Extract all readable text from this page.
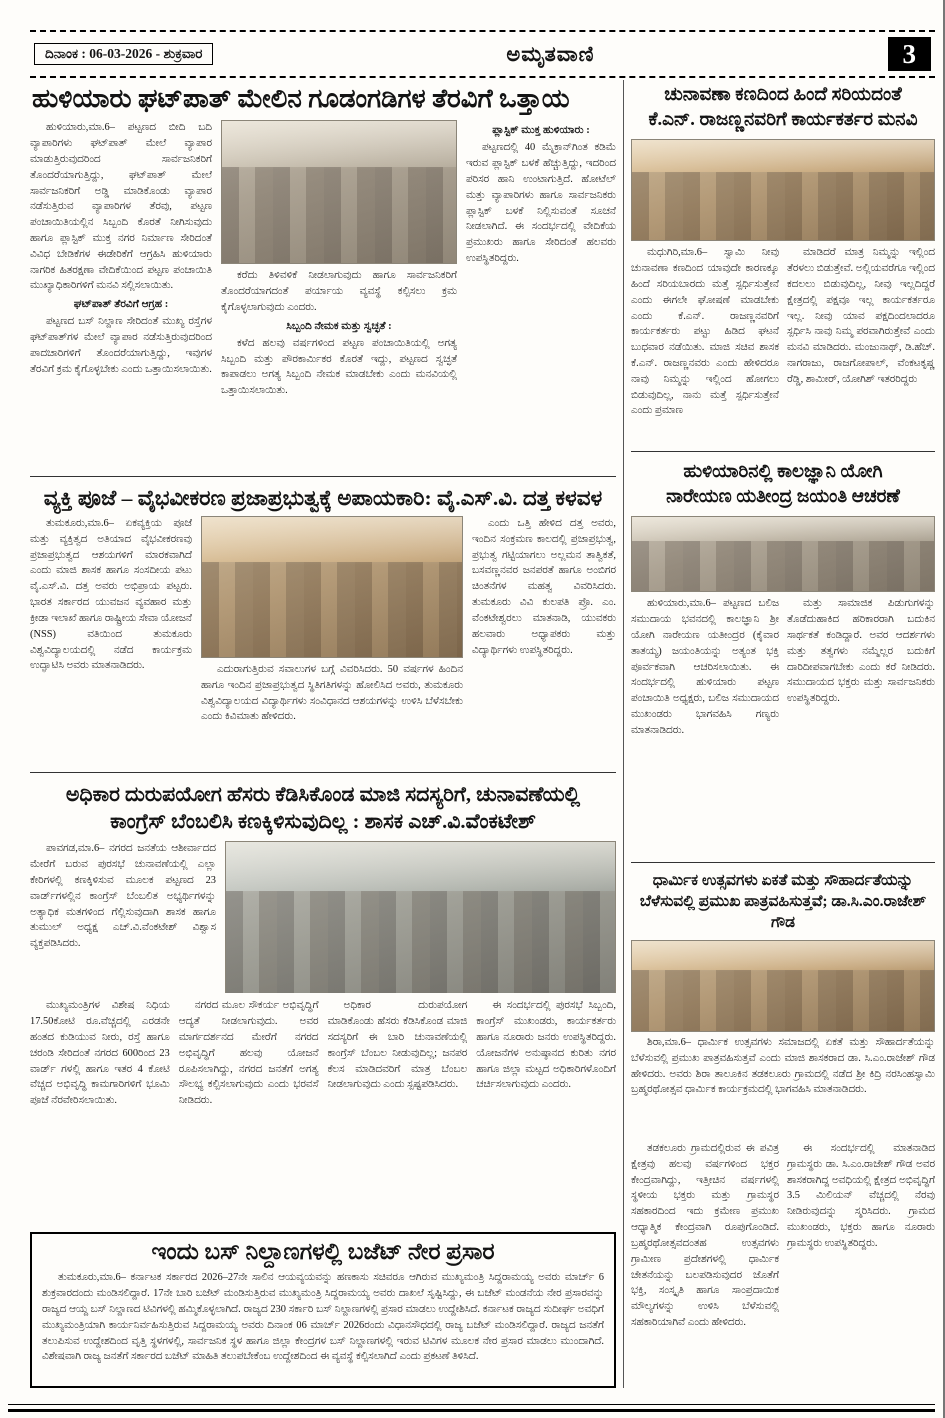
ದಿನಾಂಕ : 06-03-2026 - ಶುಕ್ರವಾರ	ಅಮೃತವಾಣಿ	3
ಹುಳಿಯಾರು ಘಟ್‌ಪಾತ್ ಮೇಲಿನ ಗೂಡಂಗಡಿಗಳ ತೆರವಿಗೆ ಒತ್ತಾಯ

ಹುಳಿಯಾರು,ಮಾ.6– ಪಟ್ಟಣದ ಬೀದಿ ಬದಿ ವ್ಯಾಪಾರಿಗಳು ಘಟ್‌ಪಾತ್ ಮೇಲೆ ವ್ಯಾಪಾರ ಮಾಡುತ್ತಿರುವುದರಿಂದ ಸಾರ್ವಜನಿಕರಿಗೆ ತೊಂದರೆಯಾಗುತ್ತಿದ್ದು, ಘಟ್‌ಪಾತ್ ಮೇಲೆ ಸಾರ್ವಜನಿಕರಿಗೆ ಅಡ್ಡಿ ಮಾಡಿಕೊಂಡು ವ್ಯಾಪಾರ ನಡೆಸುತ್ತಿರುವ ವ್ಯಾಪಾರಿಗಳ ತೆರವು, ಪಟ್ಟಣ ಪಂಚಾಯಿತಿಯಲ್ಲಿನ ಸಿಬ್ಬಂದಿ ಕೊರತೆ ನೀಗಿಸುವುದು ಹಾಗೂ ಪ್ಲಾಸ್ಟಿಕ್ ಮುಕ್ತ ನಗರ ನಿರ್ಮಾಣ ಸೇರಿದಂತೆ ವಿವಿಧ ಬೇಡಿಕೆಗಳ ಈಡೇರಿಕೆಗೆ ಆಗ್ರಹಿಸಿ ಹುಳಿಯಾರು ನಾಗರಿಕ ಹಿತರಕ್ಷಣಾ ವೇದಿಕೆಯಿಂದ ಪಟ್ಟಣ ಪಂಚಾಯಿತಿ ಮುಖ್ಯಾಧಿಕಾರಿಗಳಿಗೆ ಮನವಿ ಸಲ್ಲಿಸಲಾಯಿತು.

ಘಟ್‌ಪಾತ್ ತೆರವಿಗೆ ಆಗ್ರಹ :

ಪಟ್ಟಣದ ಬಸ್ ನಿಲ್ದಾಣ ಸೇರಿದಂತೆ ಮುಖ್ಯ ರಸ್ತೆಗಳ ಘಟ್‌ಪಾತ್‌ಗಳ ಮೇಲೆ ವ್ಯಾಪಾರ ನಡೆಸುತ್ತಿರುವುದರಿಂದ ಪಾದಚಾರಿಗಳಿಗೆ ತೊಂದರೆಯಾಗುತ್ತಿದ್ದು, ಇವುಗಳ ತೆರವಿಗೆ ಕ್ರಮ ಕೈಗೊಳ್ಳಬೇಕು ಎಂದು ಒತ್ತಾಯಿಸಲಾಯಿತು.

ಕರೆದು ತಿಳಿವಳಿಕೆ ನೀಡಲಾಗುವುದು ಹಾಗೂ ಸಾರ್ವಜನಿಕರಿಗೆ ತೊಂದರೆಯಾಗದಂತೆ ಪರ್ಯಾಯ ವ್ಯವಸ್ಥೆ ಕಲ್ಪಿಸಲು ಕ್ರಮ ಕೈಗೊಳ್ಳಲಾಗುವುದು ಎಂದರು.

ಸಿಬ್ಬಂದಿ ನೇಮಕ ಮತ್ತು ಸ್ವಚ್ಛತೆ :

ಕಳೆದ ಹಲವು ವರ್ಷಗಳಿಂದ ಪಟ್ಟಣ ಪಂಚಾಯಿತಿಯಲ್ಲಿ ಅಗತ್ಯ ಸಿಬ್ಬಂದಿ ಮತ್ತು ಪೌರಕಾರ್ಮಿಕರ ಕೊರತೆ ಇದ್ದು, ಪಟ್ಟಣದ ಸ್ವಚ್ಛತೆ ಕಾಪಾಡಲು ಅಗತ್ಯ ಸಿಬ್ಬಂದಿ ನೇಮಕ ಮಾಡಬೇಕು ಎಂದು ಮನವಿಯಲ್ಲಿ ಒತ್ತಾಯಿಸಲಾಯಿತು.

ಪ್ಲಾಸ್ಟಿಕ್ ಮುಕ್ತ ಹುಳಿಯಾರು :

ಪಟ್ಟಣದಲ್ಲಿ 40 ಮೈಕ್ರಾನ್‌ಗಿಂತ ಕಡಿಮೆ ಇರುವ ಪ್ಲಾಸ್ಟಿಕ್ ಬಳಕೆ ಹೆಚ್ಚುತ್ತಿದ್ದು, ಇದರಿಂದ ಪರಿಸರ ಹಾನಿ ಉಂಟಾಗುತ್ತಿದೆ. ಹೋಟೆಲ್ ಮತ್ತು ವ್ಯಾಪಾರಿಗಳು ಹಾಗೂ ಸಾರ್ವಜನಿಕರು ಪ್ಲಾಸ್ಟಿಕ್ ಬಳಕೆ ನಿಲ್ಲಿಸುವಂತೆ ಸೂಚನೆ ನೀಡಲಾಗಿದೆ. ಈ ಸಂದರ್ಭದಲ್ಲಿ ವೇದಿಕೆಯ ಪ್ರಮುಖರು ಹಾಗೂ ಸೇರಿದಂತೆ ಹಲವರು ಉಪಸ್ಥಿತರಿದ್ದರು.

ವ್ಯಕ್ತಿ ಪೂಜೆ – ವೈಭವೀಕರಣ ಪ್ರಜಾಪ್ರಭುತ್ವಕ್ಕೆ ಅಪಾಯಕಾರಿ: ವೈ.ಎಸ್.ವಿ. ದತ್ತ ಕಳವಳ

ತುಮಕೂರು,ಮಾ.6– ಏಕವ್ಯಕ್ತಿಯ ಪೂಜೆ ಮತ್ತು ವ್ಯಕ್ತಿತ್ವದ ಅತಿಯಾದ ವೈಭವೀಕರಣವು ಪ್ರಜಾಪ್ರಭುತ್ವದ ಆಶಯಗಳಿಗೆ ಮಾರಕವಾಗಿದೆ ಎಂದು ಮಾಜಿ ಶಾಸಕ ಹಾಗೂ ಸಂಸದೀಯ ಪಟು ವೈ.ಎಸ್.ವಿ. ದತ್ತ ಅವರು ಅಭಿಪ್ರಾಯ ಪಟ್ಟರು. ಭಾರತ ಸರ್ಕಾರದ ಯುವಜನ ವ್ಯವಹಾರ ಮತ್ತು ಕ್ರೀಡಾ ಇಲಾಖೆ ಹಾಗೂ ರಾಷ್ಟ್ರೀಯ ಸೇವಾ ಯೋಜನೆ (NSS) ವತಿಯಿಂದ ತುಮಕೂರು ವಿಶ್ವವಿದ್ಯಾಲಯದಲ್ಲಿ ನಡೆದ ಕಾರ್ಯಕ್ರಮ ಉದ್ಘಾಟಿಸಿ ಅವರು ಮಾತನಾಡಿದರು.	ಎದುರಾಗುತ್ತಿರುವ ಸವಾಲುಗಳ ಬಗ್ಗೆ ವಿವರಿಸಿದರು. 50 ವರ್ಷಗಳ ಹಿಂದಿನ ಹಾಗೂ ಇಂದಿನ ಪ್ರಜಾಪ್ರಭುತ್ವದ ಸ್ಥಿತಿಗತಿಗಳನ್ನು ಹೋಲಿಸಿದ ಅವರು, ತುಮಕೂರು ವಿಶ್ವವಿದ್ಯಾಲಯದ ವಿದ್ಯಾರ್ಥಿಗಳು ಸಂವಿಧಾನದ ಆಶಯಗಳನ್ನು ಉಳಿಸಿ ಬೆಳೆಸಬೇಕು ಎಂದು ಕಿವಿಮಾತು ಹೇಳಿದರು.

ಎಂದು ಒತ್ತಿ ಹೇಳಿದ ದತ್ತ ಅವರು, ಇಂದಿನ ಸಂಕ್ರಮಣ ಕಾಲದಲ್ಲಿ ಪ್ರಜಾಪ್ರಭುತ್ವ, ಪ್ರಭುತ್ವ ಗಟ್ಟಿಯಾಗಲು ಅಲ್ಲಮನ ತಾತ್ವಿಕತೆ, ಬಸವಣ್ಣನವರ ಜನಪರತೆ ಹಾಗೂ ಅಂಬಿಗರ ಚಿಂತನೆಗಳ ಮಹತ್ವ ವಿವರಿಸಿದರು. ತುಮಕೂರು ವಿವಿ ಕುಲಪತಿ ಪ್ರೊ. ಎಂ. ವೆಂಕಟೇಶ್ವರಲು ಮಾತನಾಡಿ, ಯುವಕರು ಹಲವಾರು ಅಧ್ಯಾಪಕರು ಮತ್ತು ವಿದ್ಯಾರ್ಥಿಗಳು ಉಪಸ್ಥಿತರಿದ್ದರು.

ಅಧಿಕಾರ ದುರುಪಯೋಗ ಹೆಸರು ಕೆಡಿಸಿಕೊಂಡ ಮಾಜಿ ಸದಸ್ಯರಿಗೆ, ಚುನಾವಣೆಯಲ್ಲಿ
ಕಾಂಗ್ರೆಸ್ ಬೆಂಬಲಿಸಿ ಕಣಕ್ಕಿಳಿಸುವುದಿಲ್ಲ : ಶಾಸಕ ಎಚ್.ವಿ.ವೆಂಕಟೇಶ್

ಪಾವಗಡ,ಮಾ.6– ನಗರದ ಜನತೆಯ ಆಶೀರ್ವಾದದ ಮೇರೆಗೆ ಬರುವ ಪುರಸಭೆ ಚುನಾವಣೆಯಲ್ಲಿ ಎಲ್ಲಾ ಕೇರಿಗಳಲ್ಲಿ ಕಣಕ್ಕಿಳಿಸುವ ಮೂಲಕ ಪಟ್ಟಣದ 23 ವಾರ್ಡ್‌ಗಳಲ್ಲಿನ ಕಾಂಗ್ರೆಸ್ ಬೆಂಬಲಿತ ಅಭ್ಯರ್ಥಿಗಳನ್ನು ಅತ್ಯಾಧಿಕ ಮತಗಳಿಂದ ಗೆಲ್ಲಿಸುವುದಾಗಿ ಶಾಸಕ ಹಾಗೂ ತುಮುಲ್ ಅಧ್ಯಕ್ಷ ಎಚ್.ವಿ.ವೆಂಕಟೇಶ್ ವಿಶ್ವಾಸ ವ್ಯಕ್ತಪಡಿಸಿದರು.

ಮುಖ್ಯಮಂತ್ರಿಗಳ ವಿಶೇಷ ನಿಧಿಯ 17.50ಕೋಟಿ ರೂ.ವೆಚ್ಚದಲ್ಲಿ ಎರಡನೇ ಹಂತದ ಕುಡಿಯುವ ನೀರು, ರಸ್ತೆ ಹಾಗೂ ಚರಂಡಿ ಸೇರಿದಂತೆ ನಗರದ 600ರಿಂದ 23 ವಾರ್ಡ್ ಗಳಲ್ಲಿ ಹಾಗೂ ಇತರ 4 ಕೋಟಿ ವೆಚ್ಚದ ಅಭಿವೃದ್ಧಿ ಕಾಮಗಾರಿಗಳಿಗೆ ಭೂಮಿ ಪೂಜೆ ನೆರವೇರಿಸಲಾಯಿತು.

ನಗರದ ಮೂಲ ಸೌಕರ್ಯ ಅಭಿವೃದ್ಧಿಗೆ ಆದ್ಯತೆ ನೀಡಲಾಗುವುದು. ಅವರ ಮಾರ್ಗದರ್ಶನದ ಮೇರೆಗೆ ನಗರದ ಅಭಿವೃದ್ಧಿಗೆ ಹಲವು ಯೋಜನೆ ರೂಪಿಸಲಾಗಿದ್ದು, ನಗರದ ಜನತೆಗೆ ಅಗತ್ಯ ಸೌಲಭ್ಯ ಕಲ್ಪಿಸಲಾಗುವುದು ಎಂದು ಭರವಸೆ ನೀಡಿದರು.

ಅಧಿಕಾರ ದುರುಪಯೋಗ ಮಾಡಿಕೊಂಡು ಹೆಸರು ಕೆಡಿಸಿಕೊಂಡ ಮಾಜಿ ಸದಸ್ಯರಿಗೆ ಈ ಬಾರಿ ಚುನಾವಣೆಯಲ್ಲಿ ಕಾಂಗ್ರೆಸ್ ಬೆಂಬಲ ನೀಡುವುದಿಲ್ಲ; ಜನಪರ ಕೆಲಸ ಮಾಡಿದವರಿಗೆ ಮಾತ್ರ ಬೆಂಬಲ ನೀಡಲಾಗುವುದು ಎಂದು ಸ್ಪಷ್ಟಪಡಿಸಿದರು.

ಈ ಸಂದರ್ಭದಲ್ಲಿ ಪುರಸಭೆ ಸಿಬ್ಬಂದಿ, ಕಾಂಗ್ರೆಸ್ ಮುಖಂಡರು, ಕಾರ್ಯಕರ್ತರು ಹಾಗೂ ನೂರಾರು ಜನರು ಉಪಸ್ಥಿತರಿದ್ದರು. ಯೋಜನೆಗಳ ಅನುಷ್ಠಾನದ ಕುರಿತು ನಗರ ಹಾಗೂ ಜಿಲ್ಲಾ ಮಟ್ಟದ ಅಧಿಕಾರಿಗಳೊಂದಿಗೆ ಚರ್ಚಿಸಲಾಗುವುದು ಎಂದರು.

ಇಂದು ಬಸ್ ನಿಲ್ದಾಣಗಳಲ್ಲಿ ಬಜೆಟ್ ನೇರ ಪ್ರಸಾರ

ತುಮಕೂರು,ಮಾ.6– ಕರ್ನಾಟಕ ಸರ್ಕಾರದ 2026–27ನೇ ಸಾಲಿನ ಆಯವ್ಯಯವನ್ನು ಹಣಕಾಸು ಸಚಿವರೂ ಆಗಿರುವ ಮುಖ್ಯಮಂತ್ರಿ ಸಿದ್ದರಾಮಯ್ಯ ಅವರು ಮಾರ್ಚ್ 6 ಶುಕ್ರವಾರದಂದು ಮಂಡಿಸಲಿದ್ದಾರೆ. 17ನೇ ಬಾರಿ ಬಜೆಟ್ ಮಂಡಿಸುತ್ತಿರುವ ಮುಖ್ಯಮಂತ್ರಿ ಸಿದ್ದರಾಮಯ್ಯ ಅವರು ದಾಖಲೆ ಸೃಷ್ಟಿಸಿದ್ದು, ಈ ಬಜೆಟ್ ಮಂಡನೆಯ ನೇರ ಪ್ರಸಾರವನ್ನು ರಾಜ್ಯದ ಆಯ್ದ ಬಸ್ ನಿಲ್ದಾಣದ ಟಿವಿಗಳಲ್ಲಿ ಹಮ್ಮಿಕೊಳ್ಳಲಾಗಿದೆ. ರಾಜ್ಯದ 230 ಸರ್ಕಾರಿ ಬಸ್ ನಿಲ್ದಾಣಗಳಲ್ಲಿ ಪ್ರಸಾರ ಮಾಡಲು ಉದ್ದೇಶಿಸಿದೆ. ಕರ್ನಾಟಕ ರಾಜ್ಯದ ಸುದೀರ್ಘ ಅವಧಿಗೆ ಮುಖ್ಯಮಂತ್ರಿಯಾಗಿ ಕಾರ್ಯನಿರ್ವಹಿಸುತ್ತಿರುವ ಸಿದ್ದರಾಮಯ್ಯ ಅವರು ದಿನಾಂಕ 06 ಮಾರ್ಚ್ 2026ರಂದು ವಿಧಾನಸೌಧದಲ್ಲಿ ರಾಜ್ಯ ಬಜೆಟ್ ಮಂಡಿಸಲಿದ್ದಾರೆ. ರಾಜ್ಯದ ಜನತೆಗೆ ತಲುಪಿಸುವ ಉದ್ದೇಶದಿಂದ ವೃತ್ತಿ ಸ್ಥಳಗಳಲ್ಲಿ, ಸಾರ್ವಜನಿಕ ಸ್ಥಳ ಹಾಗೂ ಜಿಲ್ಲಾ ಕೇಂದ್ರಗಳ ಬಸ್ ನಿಲ್ದಾಣಗಳಲ್ಲಿ ಇರುವ ಟಿವಿಗಳ ಮೂಲಕ ನೇರ ಪ್ರಸಾರ ಮಾಡಲು ಮುಂದಾಗಿದೆ. ವಿಶೇಷವಾಗಿ ರಾಜ್ಯ ಜನತೆಗೆ ಸರ್ಕಾರದ ಬಜೆಟ್ ಮಾಹಿತಿ ತಲುಪಬೇಕೆಂಬ ಉದ್ದೇಶದಿಂದ ಈ ವ್ಯವಸ್ಥೆ ಕಲ್ಪಿಸಲಾಗಿದೆ ಎಂದು ಪ್ರಕಟಣೆ ತಿಳಿಸಿದೆ.

ಚುನಾವಣಾ ಕಣದಿಂದ ಹಿಂದೆ ಸರಿಯದಂತೆ
ಕೆ.ಎನ್. ರಾಜಣ್ಣನವರಿಗೆ ಕಾರ್ಯಕರ್ತರ ಮನವಿ

ಮಧುಗಿರಿ,ಮಾ.6– ಸ್ವಾಮಿ ನೀವು ಚುನಾವಣಾ ಕಣದಿಂದ ಯಾವುದೇ ಕಾರಣಕ್ಕೂ ಹಿಂದೆ ಸರಿಯಬಾರದು ಮತ್ತೆ ಸ್ಪರ್ಧಿಸುತ್ತೇನೆ ಎಂದು ಈಗಲೇ ಘೋಷಣೆ ಮಾಡಬೇಕು ಎಂದು ಕೆ.ಎನ್. ರಾಜಣ್ಣನವರಿಗೆ ಕಾರ್ಯಕರ್ತರು ಪಟ್ಟು ಹಿಡಿದ ಘಟನೆ ಬುಧವಾರ ನಡೆಯಿತು. ಮಾಜಿ ಸಚಿವ ಶಾಸಕ ಕೆ.ಎನ್. ರಾಜಣ್ಣನವರು ಎಂದು ಹೇಳಿದರೂ ನಾವು ನಿಮ್ಮನ್ನು ಇಲ್ಲಿಂದ ಹೋಗಲು ಬಿಡುವುದಿಲ್ಲ, ನಾನು ಮತ್ತೆ ಸ್ಪರ್ಧಿಸುತ್ತೇನೆ ಎಂದು ಪ್ರಮಾಣ

ಮಾಡಿದರೆ ಮಾತ್ರ ನಿಮ್ಮನ್ನು ಇಲ್ಲಿಂದ ತೆರಳಲು ಬಿಡುತ್ತೇವೆ. ಅಲ್ಲಿಯವರೆಗೂ ಇಲ್ಲಿಂದ ಕದಲಲು ಬಿಡುವುದಿಲ್ಲ, ನೀವು ಇಲ್ಲದಿದ್ದರೆ ಕ್ಷೇತ್ರದಲ್ಲಿ ಪಕ್ಷವೂ ಇಲ್ಲ ಕಾರ್ಯಕರ್ತರೂ ಇಲ್ಲ. ನೀವು ಯಾವ ಪಕ್ಷದಿಂದಲಾದರೂ ಸ್ಪರ್ಧಿಸಿ ನಾವು ನಿಮ್ಮ ಪರವಾಗಿರುತ್ತೇವೆ ಎಂದು ಮನವಿ ಮಾಡಿದರು. ಮಂಜುನಾಥ್, ಡಿ.ಹೆಚ್. ನಾಗರಾಜು, ರಾಜಗೋಪಾಲ್, ವೆಂಕಟಕೃಷ್ಣ ರೆಡ್ಡಿ, ಶಾಮೀರ್, ಯೋಗಿಶ್ ಇತರರಿದ್ದರು

ಹುಳಿಯಾರಿನಲ್ಲಿ ಕಾಲಜ್ಞಾನಿ ಯೋಗಿ
ನಾರೇಯಣ ಯತೀಂದ್ರ ಜಯಂತಿ ಆಚರಣೆ

ಹುಳಿಯಾರು,ಮಾ.6– ಪಟ್ಟಣದ ಬಲಿಜ ಸಮುದಾಯ ಭವನದಲ್ಲಿ ಕಾಲಜ್ಞಾನಿ ಶ್ರೀ ಯೋಗಿ ನಾರೇಯಣ ಯತೀಂದ್ರರ (ಕೈವಾರ ತಾತಯ್ಯ) ಜಯಂತಿಯನ್ನು ಅತ್ಯಂತ ಭಕ್ತಿ ಪೂರ್ವಕವಾಗಿ ಆಚರಿಸಲಾಯಿತು. ಈ ಸಂದರ್ಭದಲ್ಲಿ ಹುಳಿಯಾರು ಪಟ್ಟಣ ಪಂಚಾಯಿತಿ ಅಧ್ಯಕ್ಷರು, ಬಲಿಜ ಸಮುದಾಯದ ಮುಖಂಡರು ಭಾಗವಹಿಸಿ ಗಣ್ಯರು ಮಾತನಾಡಿದರು.

ಮತ್ತು ಸಾಮಾಜಿಕ ಪಿಡುಗುಗಳನ್ನು ತೊಡೆದುಹಾಕಿದ ಹರಿಕಾರರಾಗಿ ಬದುಕಿನ ಸಾರ್ಥಕತೆ ಕಂಡಿದ್ದಾರೆ. ಅವರ ಆದರ್ಶಗಳು ಮತ್ತು ತತ್ವಗಳು ನಮ್ಮೆಲ್ಲರ ಬದುಕಿಗೆ ದಾರಿದೀಪವಾಗಬೇಕು ಎಂದು ಕರೆ ನೀಡಿದರು. ಸಮುದಾಯದ ಭಕ್ತರು ಮತ್ತು ಸಾರ್ವಜನಿಕರು ಉಪಸ್ಥಿತರಿದ್ದರು.

ಧಾರ್ಮಿಕ ಉತ್ಸವಗಳು ಏಕತೆ ಮತ್ತು ಸೌಹಾರ್ದತೆಯನ್ನು
ಬೆಳೆಸುವಲ್ಲಿ ಪ್ರಮುಖ ಪಾತ್ರವಹಿಸುತ್ತವೆ; ಡಾ.ಸಿ.ಎಂ.ರಾಜೇಶ್ ಗೌಡ

ಶಿರಾ,ಮಾ.6– ಧಾರ್ಮಿಕ ಉತ್ಸವಗಳು ಸಮಾಜದಲ್ಲಿ ಏಕತೆ ಮತ್ತು ಸೌಹಾರ್ದತೆಯನ್ನು ಬೆಳೆಸುವಲ್ಲಿ ಪ್ರಮುಖ ಪಾತ್ರವಹಿಸುತ್ತವೆ ಎಂದು ಮಾಜಿ ಶಾಸಕರಾದ ಡಾ. ಸಿ.ಎಂ.ರಾಜೇಶ್ ಗೌಡ ಹೇಳಿದರು. ಅವರು ಶಿರಾ ತಾಲೂಕಿನ ತಡಕಲೂರು ಗ್ರಾಮದಲ್ಲಿ ನಡೆದ ಶ್ರೀ ಕಿದ್ರಿ ನರಸಿಂಹಸ್ವಾಮಿ ಬ್ರಹ್ಮರಥೋತ್ಸವ ಧಾರ್ಮಿಕ ಕಾರ್ಯಕ್ರಮದಲ್ಲಿ ಭಾಗವಹಿಸಿ ಮಾತನಾಡಿದರು.

ತಡಕಲೂರು ಗ್ರಾಮದಲ್ಲಿರುವ ಈ ಪವಿತ್ರ ಕ್ಷೇತ್ರವು ಹಲವು ವರ್ಷಗಳಿಂದ ಭಕ್ತರ ಕೇಂದ್ರವಾಗಿದ್ದು, ಇತ್ತೀಚಿನ ವರ್ಷಗಳಲ್ಲಿ ಸ್ಥಳೀಯ ಭಕ್ತರು ಮತ್ತು ಗ್ರಾಮಸ್ಥರ ಸಹಕಾರದಿಂದ ಇದು ಕ್ರಮೇಣ ಪ್ರಮುಖ ಆಧ್ಯಾತ್ಮಿಕ ಕೇಂದ್ರವಾಗಿ ರೂಪುಗೊಂಡಿದೆ. ಬ್ರಹ್ಮರಥೋತ್ಸವದಂತಹ ಉತ್ಸವಗಳು ಗ್ರಾಮೀಣ ಪ್ರದೇಶಗಳಲ್ಲಿ ಧಾರ್ಮಿಕ ಚೇತನೆಯನ್ನು ಬಲಪಡಿಸುವುದರ ಜೊತೆಗೆ ಭಕ್ತಿ, ಸಂಸ್ಕೃತಿ ಹಾಗೂ ಸಾಂಪ್ರದಾಯಿಕ ಮೌಲ್ಯಗಳನ್ನು ಉಳಿಸಿ ಬೆಳೆಸುವಲ್ಲಿ ಸಹಕಾರಿಯಾಗಿವೆ ಎಂದು ಹೇಳಿದರು.

ಈ ಸಂದರ್ಭದಲ್ಲಿ ಮಾತನಾಡಿದ ಗ್ರಾಮಸ್ಥರು ಡಾ. ಸಿ.ಎಂ.ರಾಜೇಶ್ ಗೌಡ ಅವರ ಶಾಸಕರಾಗಿದ್ದ ಅವಧಿಯಲ್ಲಿ ಕ್ಷೇತ್ರದ ಅಭಿವೃದ್ಧಿಗೆ 3.5 ಮಿಲಿಯನ್ ವೆಚ್ಚದಲ್ಲಿ ನೆರವು ನೀಡಿರುವುದನ್ನು ಸ್ಮರಿಸಿದರು. ಗ್ರಾಮದ ಮುಖಂಡರು, ಭಕ್ತರು ಹಾಗೂ ನೂರಾರು ಗ್ರಾಮಸ್ಥರು ಉಪಸ್ಥಿತರಿದ್ದರು.
